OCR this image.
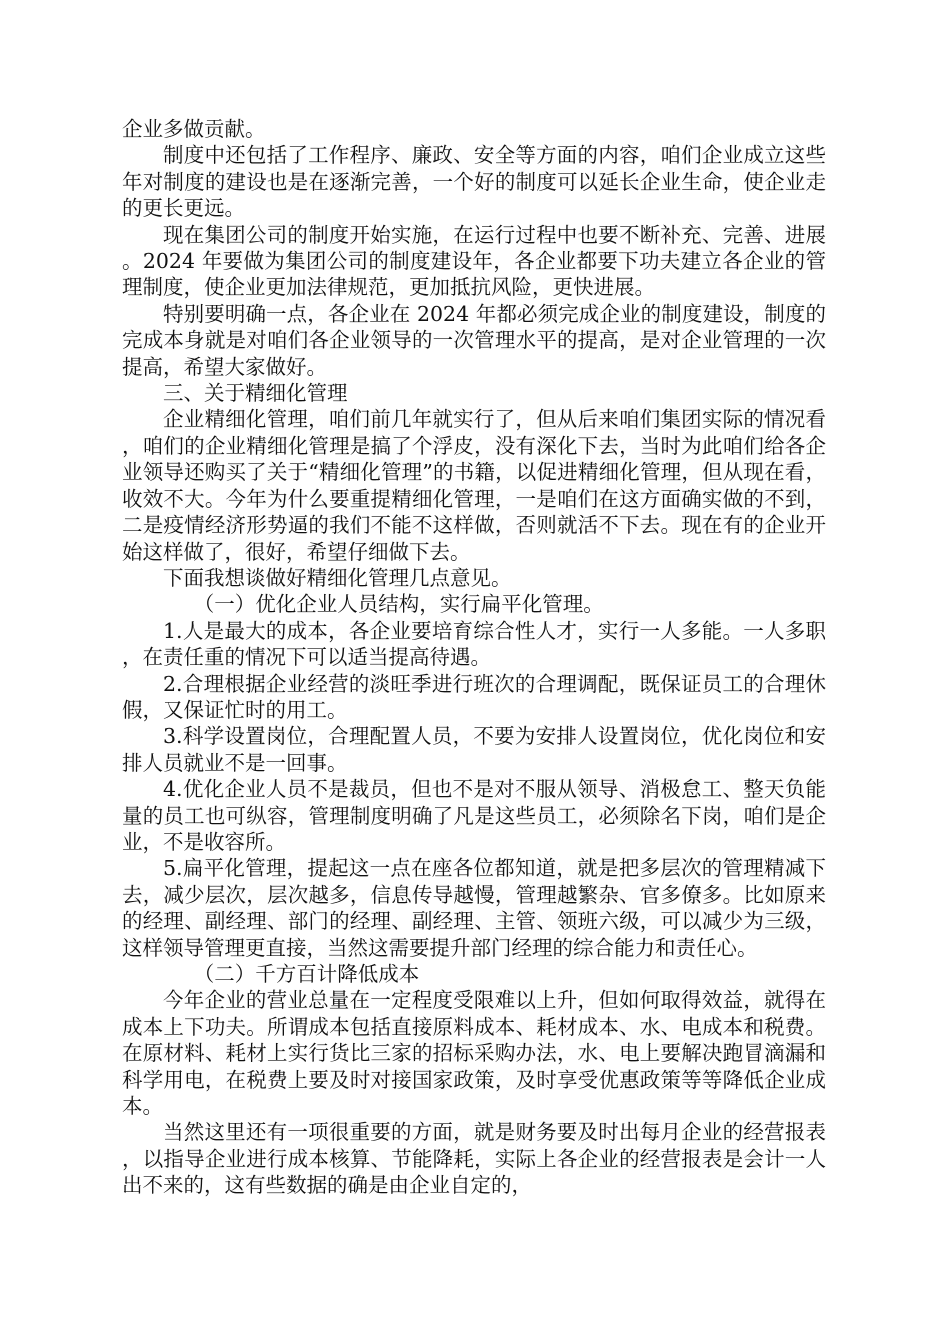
企业多做贡献。

制度中还包括了工作程序、廉政、安全等方面的内容，咱们企业成立这些年对制度的建设也是在逐渐完善，一个好的制度可以延长企业生命，使企业走的更长更远。

现在集团公司的制度开始实施，在运行过程中也要不断补充、完善、进展。2024 年要做为集团公司的制度建设年，各企业都要下功夫建立各企业的管理制度，使企业更加法律规范，更加抵抗风险，更快进展。

特别要明确一点，各企业在 2024 年都必须完成企业的制度建设，制度的完成本身就是对咱们各企业领导的一次管理水平的提高，是对企业管理的一次提高，希望大家做好。

三、关于精细化管理

企业精细化管理，咱们前几年就实行了，但从后来咱们集团实际的情况看，咱们的企业精细化管理是搞了个浮皮，没有深化下去，当时为此咱们给各企业领导还购买了关于“精细化管理”的书籍，以促进精细化管理，但从现在看，收效不大。今年为什么要重提精细化管理，一是咱们在这方面确实做的不到，二是疫情经济形势逼的我们不能不这样做，否则就活不下去。现在有的企业开始这样做了，很好，希望仔细做下去。

下面我想谈做好精细化管理几点意见。

（一）优化企业人员结构，实行扁平化管理。

1.人是最大的成本，各企业要培育综合性人才，实行一人多能。一人多职，在责任重的情况下可以适当提高待遇。

2.合理根据企业经营的淡旺季进行班次的合理调配，既保证员工的合理休假，又保证忙时的用工。

3.科学设置岗位，合理配置人员，不要为安排人设置岗位，优化岗位和安排人员就业不是一回事。

4.优化企业人员不是裁员，但也不是对不服从领导、消极怠工、整天负能量的员工也可纵容，管理制度明确了凡是这些员工，必须除名下岗，咱们是企业，不是收容所。

5.扁平化管理，提起这一点在座各位都知道，就是把多层次的管理精减下去，减少层次，层次越多，信息传导越慢，管理越繁杂、官多僚多。比如原来的经理、副经理、部门的经理、副经理、主管、领班六级，可以减少为三级，这样领导管理更直接，当然这需要提升部门经理的综合能力和责任心。

（二）千方百计降低成本

今年企业的营业总量在一定程度受限难以上升，但如何取得效益，就得在成本上下功夫。所谓成本包括直接原料成本、耗材成本、水、电成本和税费。在原材料、耗材上实行货比三家的招标采购办法，水、电上要解决跑冒滴漏和科学用电，在税费上要及时对接国家政策，及时享受优惠政策等等降低企业成本。

当然这里还有一项很重要的方面，就是财务要及时出每月企业的经营报表，以指导企业进行成本核算、节能降耗，实际上各企业的经营报表是会计一人出不来的，这有些数据的确是由企业自定的，
